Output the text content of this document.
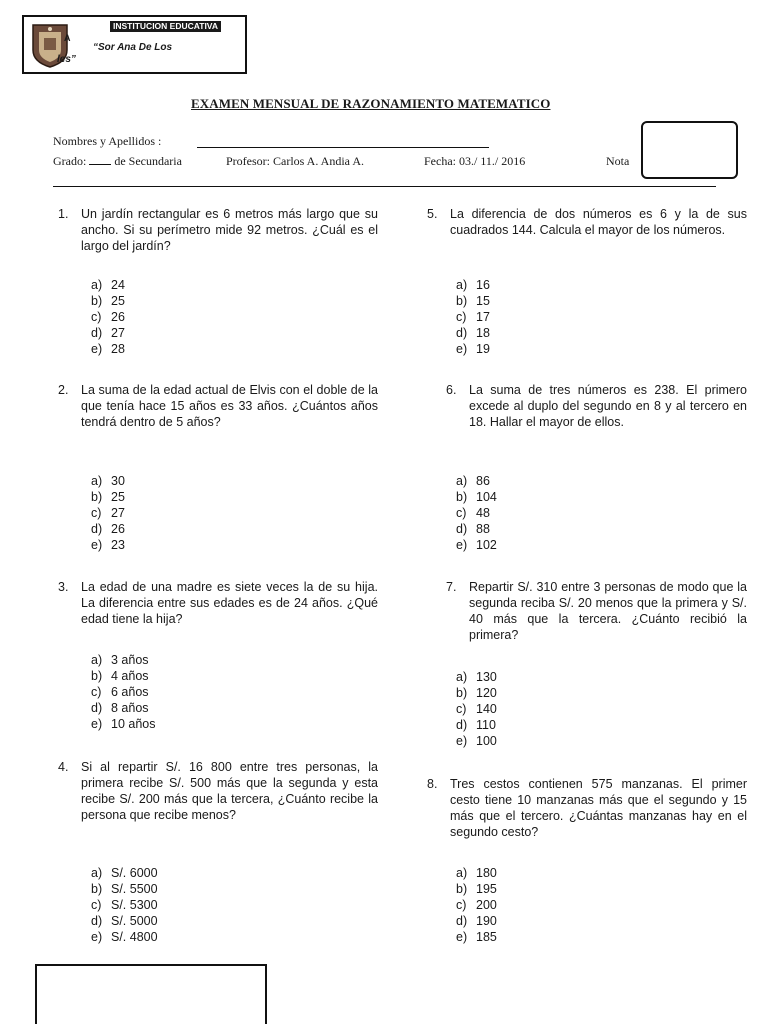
INSTITUCION EDUCATIVA
A
“Sor Ana De Los
les”
EXAMEN MENSUAL DE RAZONAMIENTO MATEMATICO
Nombres y Apellidos :
Grado: de Secundaria	Profesor: Carlos A. Andia A.	Fecha: 03./ 11./ 2016	Nota
1. Un jardín rectangular es 6 metros más largo que su ancho. Si su perímetro mide 92 metros. ¿Cuál es el largo del jardín?
a) 24
b) 25
c) 26
d) 27
e) 28
2. La suma de la edad actual de Elvis con el doble de la que tenía hace 15 años es 33 años. ¿Cuántos años tendrá dentro de 5 años?
a) 30
b) 25
c) 27
d) 26
e) 23
3. La edad de una madre es siete veces la de su hija. La diferencia entre sus edades es de 24 años. ¿Qué edad tiene la hija?
a) 3 años
b) 4 años
c) 6 años
d) 8 años
e) 10 años
4. Si al repartir S/. 16 800 entre tres personas, la primera recibe S/. 500 más que la segunda y esta recibe S/. 200 más que la tercera, ¿Cuánto recibe la persona que recibe menos?
a) S/. 6000
b) S/. 5500
c) S/. 5300
d) S/. 5000
e) S/. 4800
5. La diferencia de dos números es 6 y la de sus cuadrados 144. Calcula el mayor de los números.
a) 16
b) 15
c) 17
d) 18
e) 19
6. La suma de tres números es 238. El primero excede al duplo del segundo en 8 y al tercero en 18. Hallar el mayor de ellos.
a) 86
b) 104
c) 48
d) 88
e) 102
7. Repartir S/. 310 entre 3 personas de modo que la segunda reciba S/. 20 menos que la primera y S/. 40 más que la tercera. ¿Cuánto recibió la primera?
a) 130
b) 120
c) 140
d) 110
e) 100
8. Tres cestos contienen 575 manzanas. El primer cesto tiene 10 manzanas más que el segundo y 15 más que el tercero. ¿Cuántas manzanas hay en el segundo cesto?
a) 180
b) 195
c) 200
d) 190
e) 185
